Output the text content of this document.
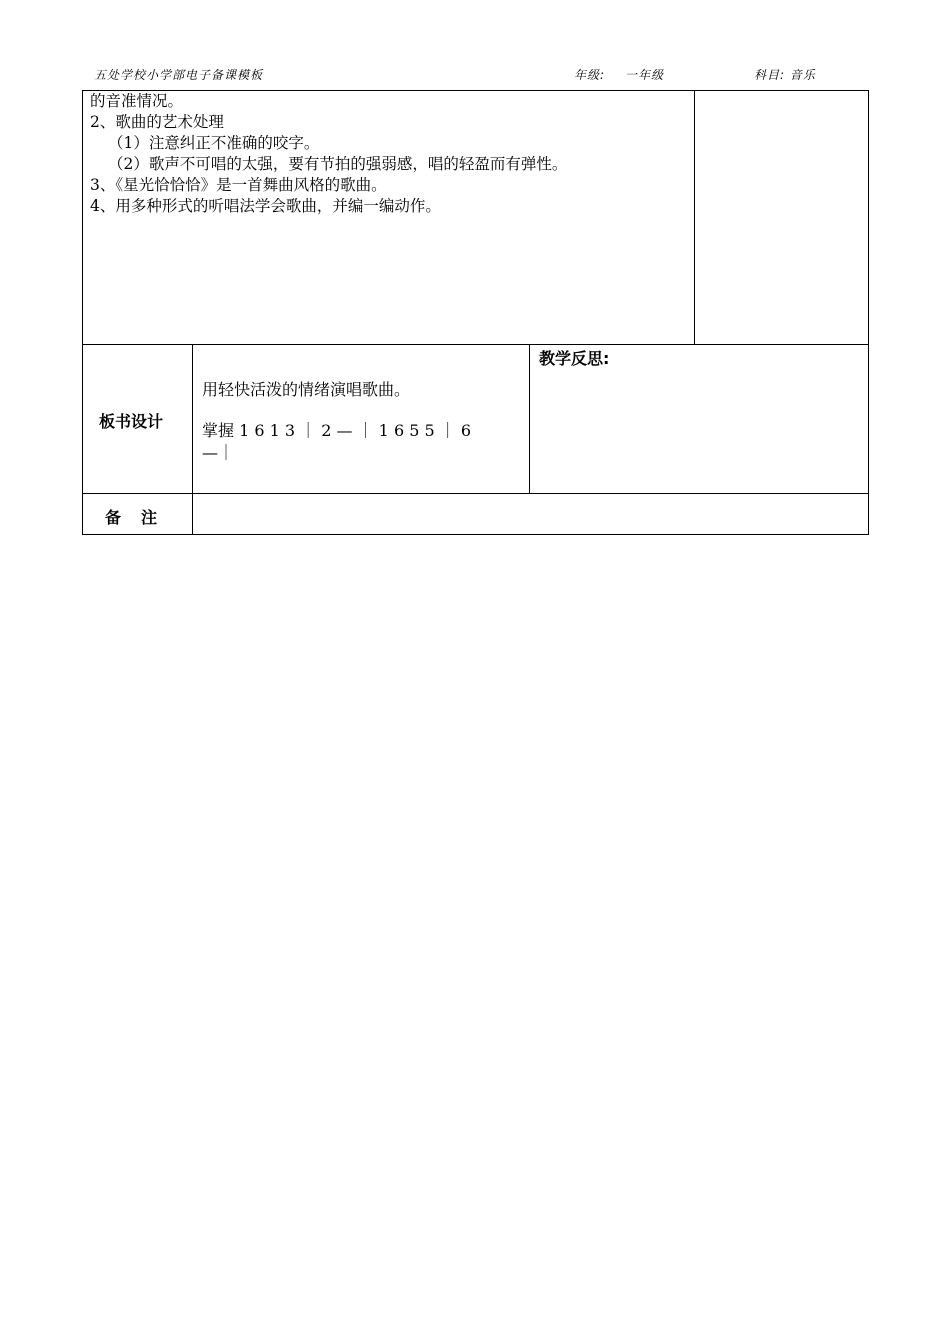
五处学校小学部电子备课模板	年级: 一年级	科目: 音乐
的音准情况。
2、歌曲的艺术处理
（1）注意纠正不准确的咬字。
（2）歌声不可唱的太强，要有节拍的强弱感，唱的轻盈而有弹性。
3、《星光恰恰恰》是一首舞曲风格的歌曲。
4、用多种形式的听唱法学会歌曲，并编一编动作。
板书设计
用轻快活泼的情绪演唱歌曲。
掌握 1 6 1 3 ｜ 2 — ｜ 1 6 5 5 ｜ 6
—｜
教学反思:
备　注
